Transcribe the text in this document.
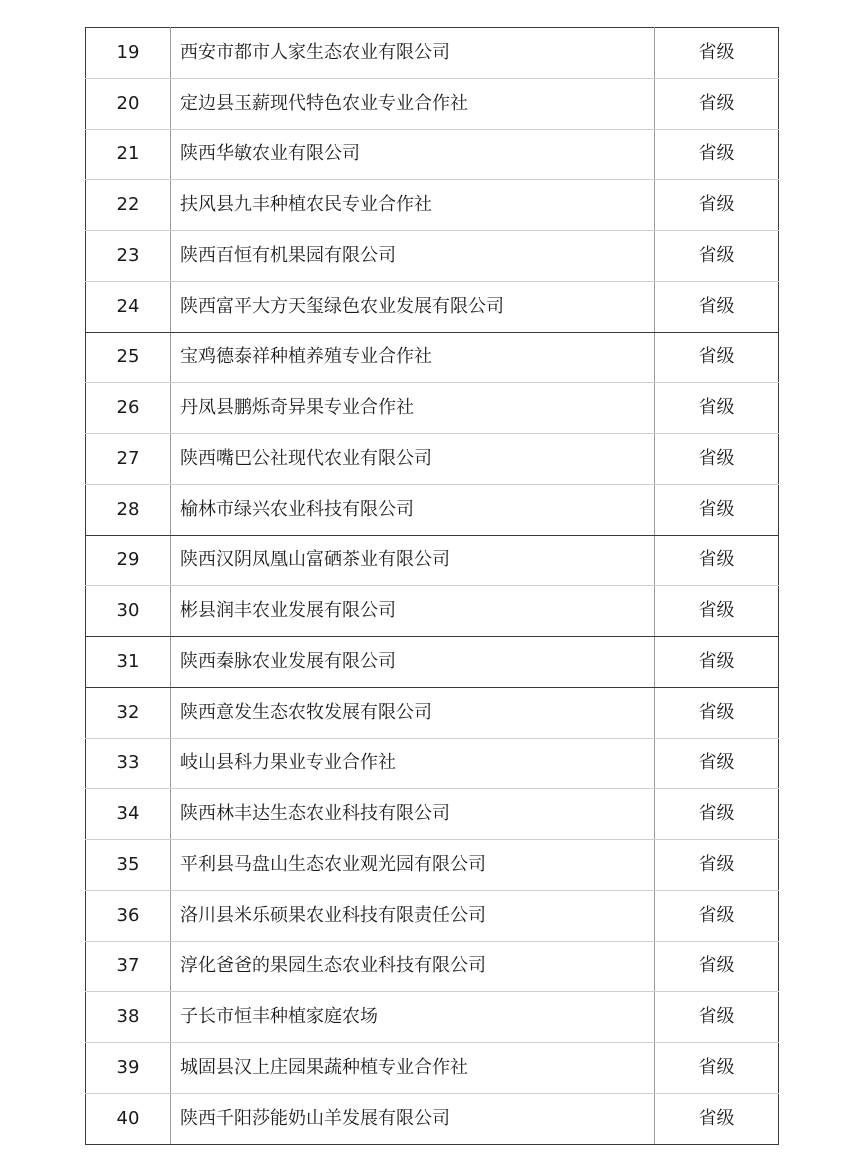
19	西安市都市人家生态农业有限公司	省级
20	定边县玉薪现代特色农业专业合作社	省级
21	陕西华敏农业有限公司	省级
22	扶风县九丰种植农民专业合作社	省级
23	陕西百恒有机果园有限公司	省级
24	陕西富平大方天玺绿色农业发展有限公司	省级
25	宝鸡德泰祥种植养殖专业合作社	省级
26	丹凤县鹏烁奇异果专业合作社	省级
27	陕西嘴巴公社现代农业有限公司	省级
28	榆林市绿兴农业科技有限公司	省级
29	陕西汉阴凤凰山富硒茶业有限公司	省级
30	彬县润丰农业发展有限公司	省级
31	陕西秦脉农业发展有限公司	省级
32	陕西意发生态农牧发展有限公司	省级
33	岐山县科力果业专业合作社	省级
34	陕西林丰达生态农业科技有限公司	省级
35	平利县马盘山生态农业观光园有限公司	省级
36	洛川县米乐硕果农业科技有限责任公司	省级
37	淳化爸爸的果园生态农业科技有限公司	省级
38	子长市恒丰种植家庭农场	省级
39	城固县汉上庄园果蔬种植专业合作社	省级
40	陕西千阳莎能奶山羊发展有限公司	省级
